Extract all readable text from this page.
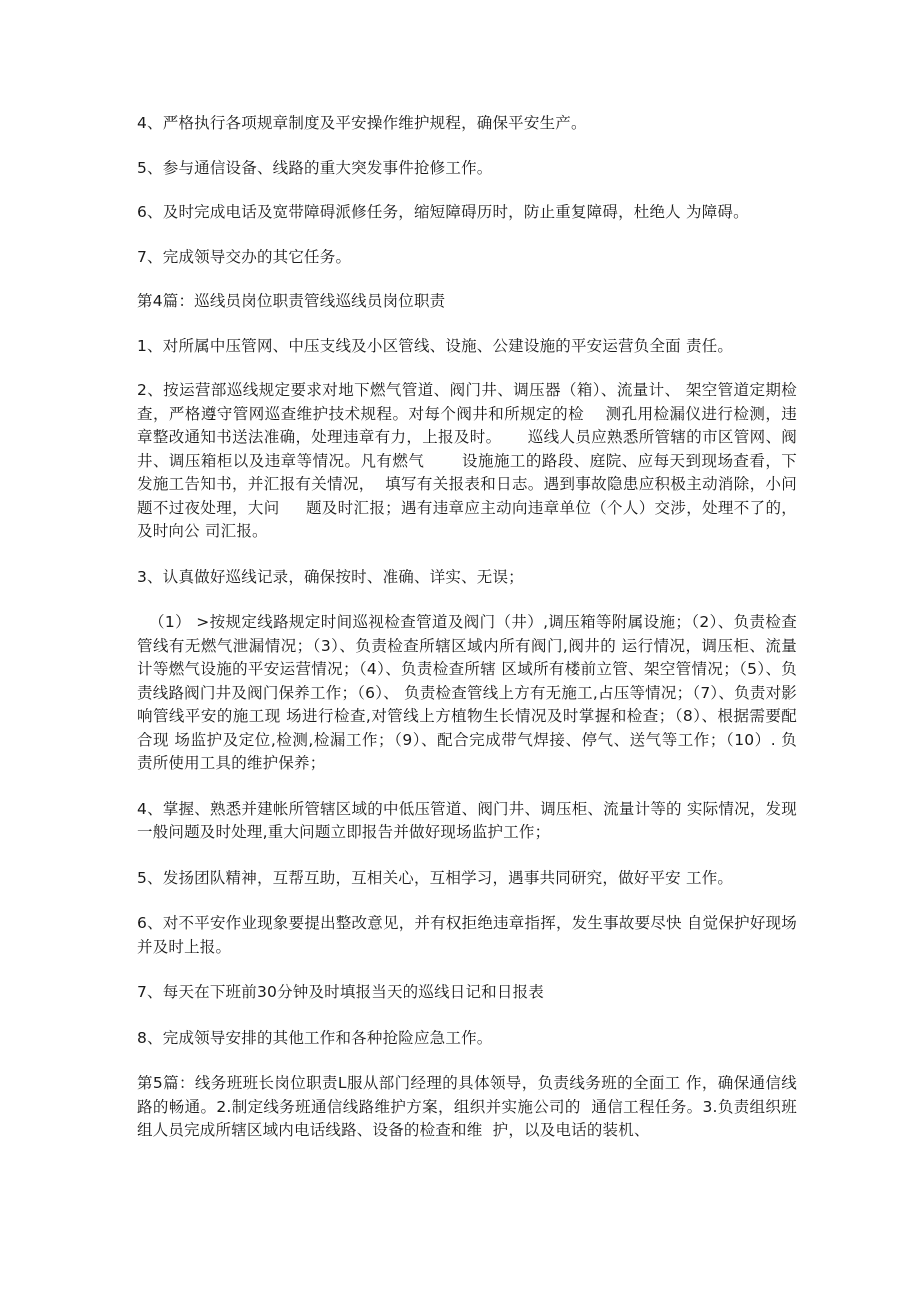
4、严格执行各项规章制度及平安操作维护规程，确保平安生产。

5、参与通信设备、线路的重大突发事件抢修工作。

6、及时完成电话及宽带障碍派修任务，缩短障碍历时，防止重复障碍，杜绝人 为障碍。

7、完成领导交办的其它任务。

第4篇：巡线员岗位职责管线巡线员岗位职责

1、对所属中压管网、中压支线及小区管线、设施、公建设施的平安运营负全面 责任。

2、按运营部巡线规定要求对地下燃气管道、阀门井、调压器（箱）、流量计、 架空管道定期检查，严格遵守管网巡查维护技术规程。对每个阀井和所规定的检    测孔用检漏仪进行检测，违章整改通知书送法准确，处理违章有力，上报及时。     巡线人员应熟悉所管辖的市区管网、阀井、调压箱柜以及违章等情况。凡有燃气       设施施工的路段、庭院、应每天到现场查看，下发施工告知书，并汇报有关情况，  填写有关报表和日志。遇到事故隐患应积极主动消除，小问题不过夜处理，大问     题及时汇报；遇有违章应主动向违章单位（个人）交涉，处理不了的，及时向公 司汇报。

3、认真做好巡线记录，确保按时、准确、详实、无误；

（1） >按规定线路规定时间巡视检查管道及阀门（井）,调压箱等附属设施；（2）、负责检查管线有无燃气泄漏情况；（3）、负责检查所辖区域内所有阀门,阀井的 运行情况，调压柜、流量计等燃气设施的平安运营情况；（4）、负责检查所辖 区域所有楼前立管、架空管情况；（5）、负责线路阀门井及阀门保养工作；（6）、 负责检查管线上方有无施工,占压等情况；（7）、负责对影响管线平安的施工现 场进行检查,对管线上方植物生长情况及时掌握和检查；（8）、根据需要配合现 场监护及定位,检测,检漏工作；（9）、配合完成带气焊接、停气、送气等工作；（10）. 负责所使用工具的维护保养；

4、掌握、熟悉并建帐所管辖区域的中低压管道、阀门井、调压柜、流量计等的 实际情况，发现一般问题及时处理,重大问题立即报告并做好现场监护工作；

5、发扬团队精神，互帮互助，互相关心，互相学习，遇事共同研究，做好平安 工作。

6、对不平安作业现象要提出整改意见，并有权拒绝违章指挥，发生事故要尽快 自觉保护好现场并及时上报。

7、每天在下班前30分钟及时填报当天的巡线日记和日报表

8、完成领导安排的其他工作和各种抢险应急工作。

第5篇：线务班班长岗位职责L服从部门经理的具体领导，负责线务班的全面工 作，确保通信线路的畅通。2.制定线务班通信线路维护方案，组织并实施公司的  通信工程任务。3.负责组织班组人员完成所辖区域内电话线路、设备的检查和维  护，以及电话的装机、
